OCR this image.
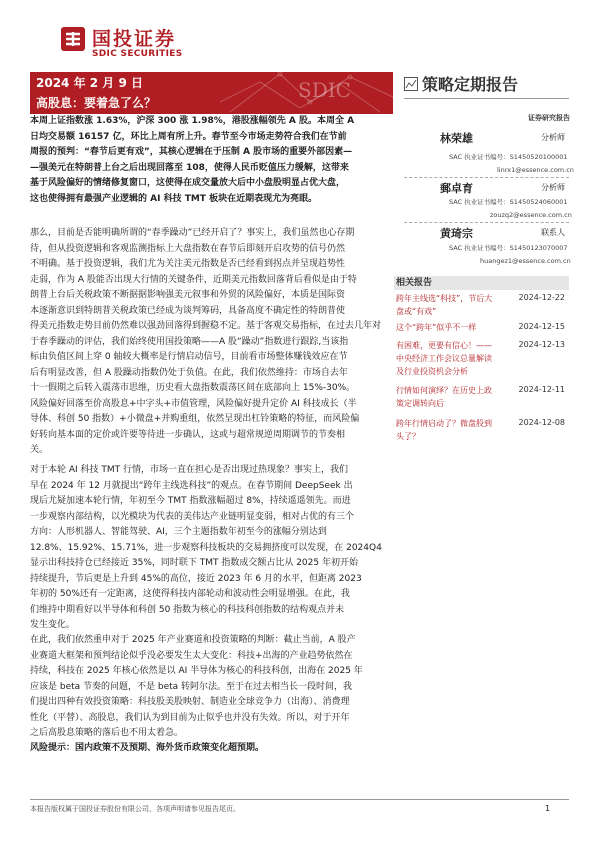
国投证券
SDIC SECURITIES
SDIC
2024 年 2 月 9 日
高股息：要着急了么？
策略定期报告
证券研究报告
林荣雄	分析师
SAC 执业证书编号：S1450520100001
linrx1@essence.com.cn
郵卓育	分析师
SAC 执业证书编号：S1450524060001
zouzq2@essence.com.cn
黄琦宗	联系人
SAC 执业证书编号：S1450123070007
huangez1@essence.com.cn
相关报告
跨年主线选“科技”，节后大
盘或“有戏”
2024-12-22
这个“跨年”似乎不一样	2024-12-15
有困难，更要有信心！——
中央经济工作会议总量解读
及行业投资机会分析
2024-12-13
行情如何演绎？在历史上政
策定调转向后
2024-12-11
跨年行情启动了？微盘股到
头了？
2024-12-08

本周上证指数涨 1.63%，沪深 300 涨 1.98%，港股涨幅领先 A 股。本周全 A

日均交易额 16157 亿，环比上周有所上升。春节至今市场走势符合我们在节前

周报的预判：“春节后更有戏”，其核心逻辑在于压制 A 股市场的重要外部因素—

—强美元在特朗普上台之后出现回落至 108，使得人民币贬值压力缓解，这带来

基于风险偏好的情绪修复窗口，这使得在成交量放大后中小盘股明显占优大盘，

这也使得拥有最强产业逻辑的 AI 科技 TMT 板块在近期表现尤为亮眼。

那么，目前是否能明确所谓的“春季躁动”已经开启了？事实上，我们虽然也心存期

待，但从投资逻辑和客观监测指标上大盘指数在春节后即刻开启攻势的信号仍然

不明确。基于投资逻辑，我们尤为关注美元指数是否已经看到拐点并呈现趋势性

走弱，作为 A 股能否出现大行情的关键条件，近期美元指数回落背后看似是由于特

朗普上台后关税政策不断据据影响强美元叙事和外贸的风险偏好，本质是国际资

本逐渐意识到特朗普关税政策已经成为谈判筹码，具备高度不确定性的特朗普使

得美元指数走势目前仍然难以强劲回落得到握稳不定。基于客观交易指标，在过去几年对

于春季躁动的评估，我们始终使用国投策略——A 股“躁动”指数进行跟踪,当该指

标由负值区间上穿 0 轴较大概率是行情启动信号，目前看市场整体赚钱效应在节

后有明显改善，但 A 股躁动指数仍处于负值。在此，我们依然维持：市场自去年

十一假期之后转入震荡市思维，历史看大盘指数震荡区间在底部向上 15%-30%。

风险偏好回落至价高股息+中字头+市值管理，风险偏好提升定价 AI 科技成长（半

导体、科创 50 指数）+小微盘+并购重组，依然呈现出杠铃策略的特征，而风险偏

好转向基本面的定价或许要等待进一步确认，这或与超常规逆周期调节的节奏相

关。

对于本轮 AI 科技 TMT 行情，市场一直在担心是否出现过热现象？事实上，我们

早在 2024 年 12 月就提出“跨年主线选科技”的观点。在春节期间 DeepSeek 出

现后尤疑加速本轮行情，年初至今 TMT 指数涨幅超过 8%，持续遥遥领先。而进

一步观察内部结构，以光模块为代表的美伟达产业链明显变弱，相对占优的有三个

方向：人形机器人、智能驾驶、AI，三个主题指数年初至今的涨幅分别达到

12.8%、15.92%、15.71%，进一步观察科技板块的交易拥挤度可以发现，在 2024Q4

显示出科技持仓已经接近 35%，同时联下 TMT 指数成交额占比从 2025 年初开始

持续提升，节后更是上升到 45%的高位，接近 2023 年 6 月的水平，但距离 2023

年初的 50%还有一定距离，这使得科技内部轮动和波动性会明显增强。在此，我

们维持中期看好以半导体和科创 50 指数为核心的科技科创指数的结构观点并未

发生变化。

在此，我们依然重申对于 2025 年产业赛道和投资策略的判断：截止当前，A 股产

业赛道大框架和预判结论似乎没必要发生太大变化：科技+出海的产业趋势依然在

持续，科技在 2025 年核心依然是以 AI 半导体为核心的科技科创，出海在 2025 年

应该是 beta 节奏的问题，不是 beta 转阿尔法。至于在过去相当长一段时间，我

们提出四种有效投资策略：科技股美股映射、制造业全球竞争力（出海）、消费理

性化（平替）、高股息，我们认为到目前为止似乎也并没有失效。所以，对于开年

之后高股息策略的落后也不用太着急。

风险提示：国内政策不及预期、海外货币政策变化超预期。

本报告版权属于国投证券股份有限公司，各项声明请参见报告尾页。	1
